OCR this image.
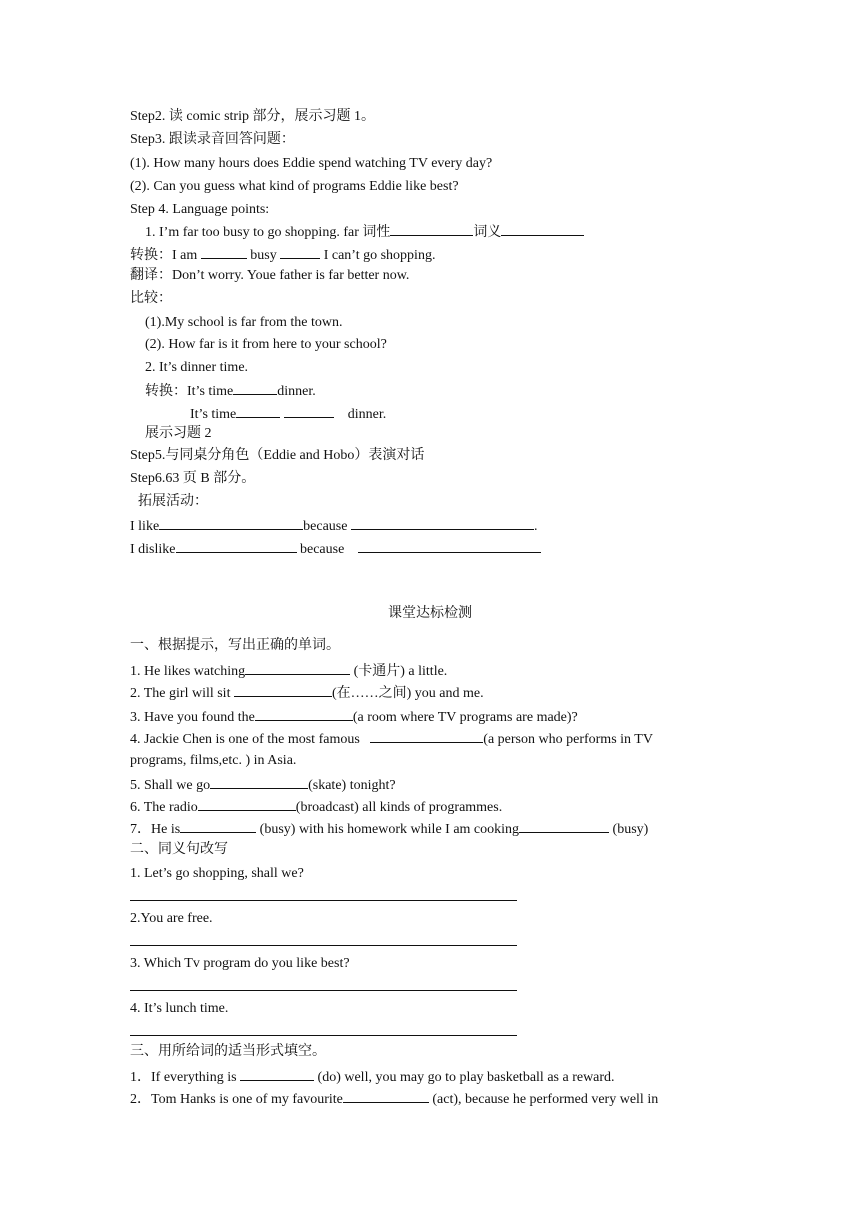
Step2. 读 comic strip 部分，展示习题 1。

Step3. 跟读录音回答问题：

(1). How many hours does Eddie spend watching TV every day?

(2). Can you guess what kind of programs Eddie like best?

Step 4. Language points:

1. I’m far too busy to go shopping. far 词性	词义

转换：I am	busy	I can’t go shopping.

翻译：Don’t worry. Youe father is far better now.

比较：

(1).My school is far from the town.

(2). How far is it from here to your school?

2. It’s dinner time.

转换：It’s time	dinner.

It’s time	dinner.

展示习题 2

Step5.与同桌分角色（Eddie and Hobo）表演对话

Step6.63 页 B 部分。

拓展活动：

I like	because	.

I dislike	because

课堂达标检测

一、根据提示，写出正确的单词。

1. He likes watching	(卡通片) a little.

2. The girl will sit	(在……之间) you and me.

3. Have you found the	(a room where TV programs are made)?

4. Jackie Chen is one of the most famous	(a person who performs in TV

programs, films,etc. ) in Asia.

5. Shall we go	(skate) tonight?

6. The radio	(broadcast) all kinds of programmes.

7．He is	(busy) with his homework while I am cooking	(busy)

二、同义句改写

1. Let’s go shopping, shall we?

2.You are free.

3. Which Tv program do you like best?

4. It’s lunch time.

三、用所给词的适当形式填空。

1．If everything is	(do) well, you may go to play basketball as a reward.

2．Tom Hanks is one of my favourite	(act), because he performed very well in
